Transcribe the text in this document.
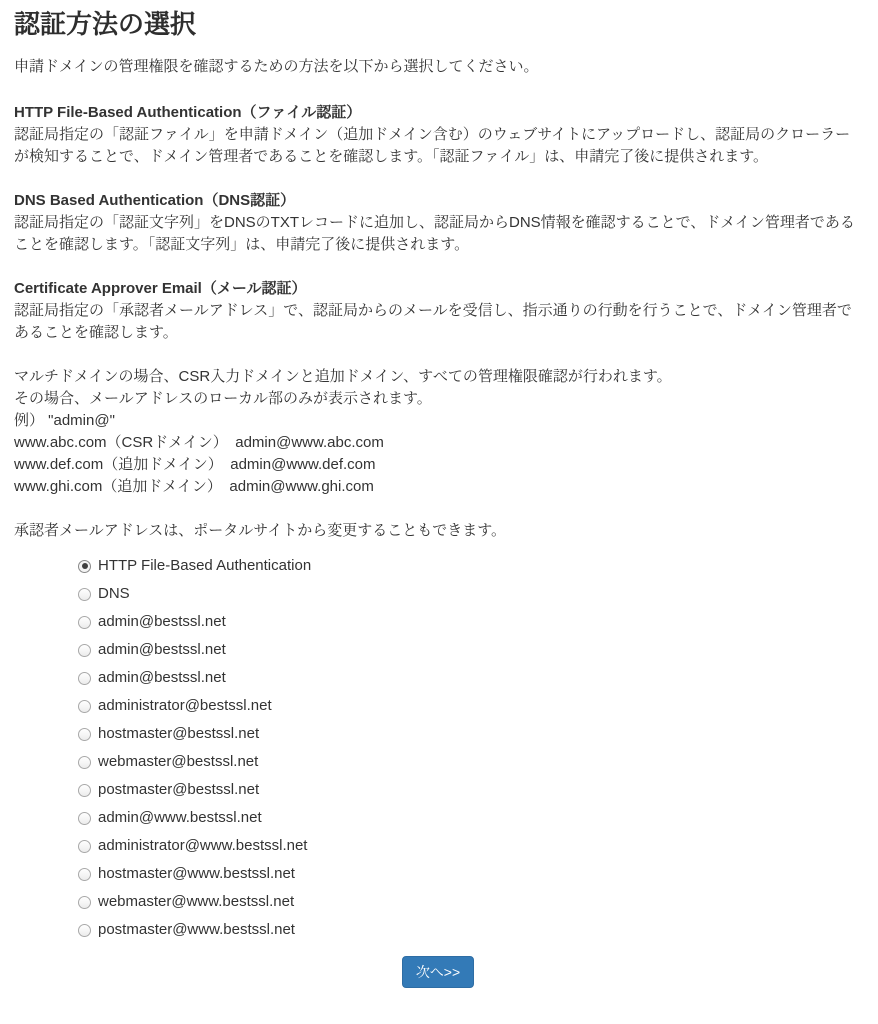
認証方法の選択

申請ドメインの管理権限を確認するための方法を以下から選択してください。

HTTP File-Based Authentication（ファイル認証）
認証局指定の「認証ファイル」を申請ドメイン（追加ドメイン含む）のウェブサイトにアップロードし、認証局のクローラーが検知することで、ドメイン管理者であることを確認します。「認証ファイル」は、申請完了後に提供されます。

DNS Based Authentication（DNS認証）
認証局指定の「認証文字列」をDNSのTXTレコードに追加し、認証局からDNS情報を確認することで、ドメイン管理者であることを確認します。「認証文字列」は、申請完了後に提供されます。

Certificate Approver Email（メール認証）
認証局指定の「承認者メールアドレス」で、認証局からのメールを受信し、指示通りの行動を行うことで、ドメイン管理者であることを確認します。

マルチドメインの場合、CSR入力ドメインと追加ドメイン、すべての管理権限確認が行われます。
その場合、メールアドレスのローカル部のみが表示されます。
例） "admin@"
www.abc.com（CSRドメイン）　admin@www.abc.com
www.def.com（追加ドメイン）　admin@www.def.com
www.ghi.com（追加ドメイン）　admin@www.ghi.com

承認者メールアドレスは、ポータルサイトから変更することもできます。

HTTP File-Based Authentication
DNS
admin@bestssl.net
admin@bestssl.net
admin@bestssl.net
administrator@bestssl.net
hostmaster@bestssl.net
webmaster@bestssl.net
postmaster@bestssl.net
admin@www.bestssl.net
administrator@www.bestssl.net
hostmaster@www.bestssl.net
webmaster@www.bestssl.net
postmaster@www.bestssl.net
次へ>>
